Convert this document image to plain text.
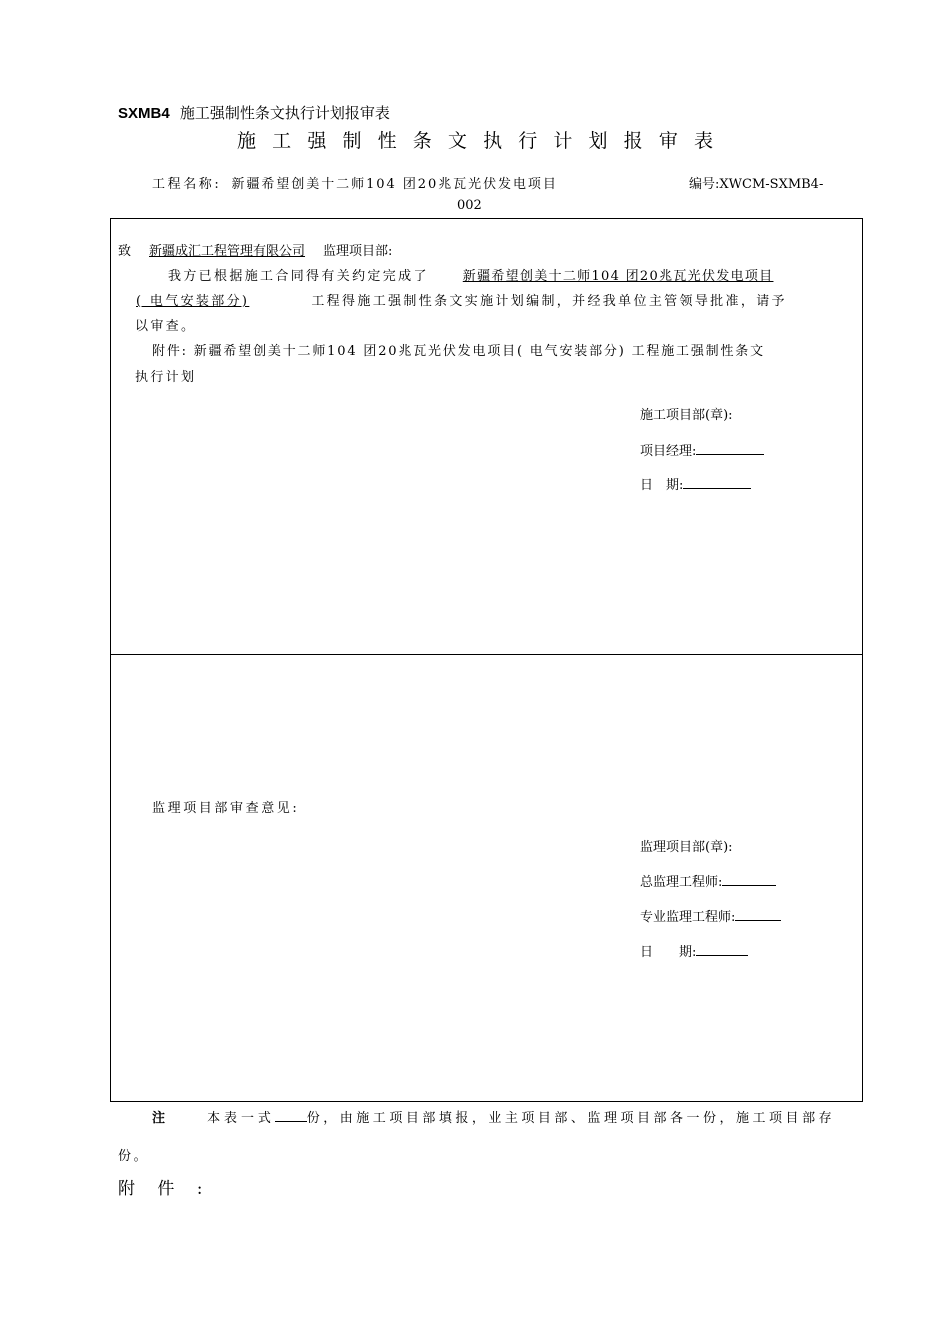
SXMB4 施工强制性条文执行计划报审表
施工强制性条文执行计划报审表
工程名称: 新疆希望创美十二师104 团20兆瓦光伏发电项目	编号:XWCM-SXMB4-
002
致 新疆成汇工程管理有限公司 监理项目部:
我方已根据施工合同得有关约定完成了	新疆希望创美十二师104 团20兆瓦光伏发电项目
( 电气安装部分)	工程得施工强制性条文实施计划编制，并经我单位主管领导批准，请予
以审查。
附件: 新疆希望创美十二师104 团20兆瓦光伏发电项目( 电气安装部分) 工程施工强制性条文
执行计划
施工项目部(章):
项目经理:
日　期:
监理项目部审查意见:
监理项目部(章):
总监理工程师:
专业监理工程师:
日　　期:
注	本表一式 份，由施工项目部填报，业主项目部、监理项目部各一份，施工项目部存
份。
附 件 :
